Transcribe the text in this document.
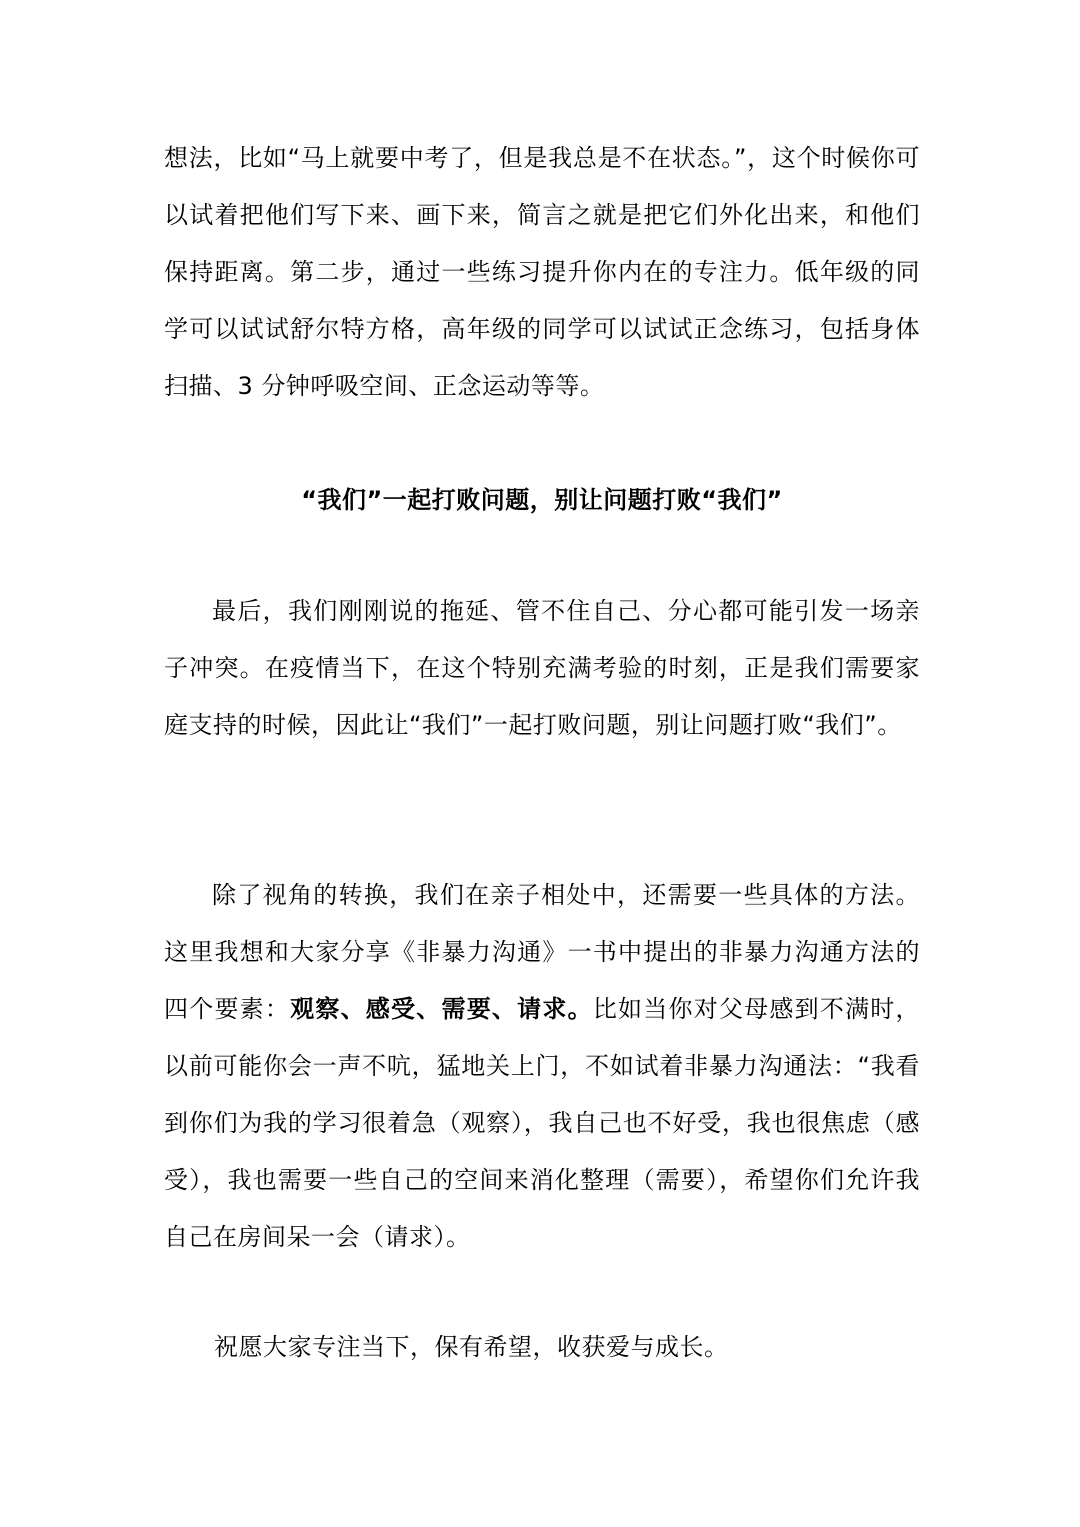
想法，比如“马上就要中考了，但是我总是不在状态。”，这个时候你可以试着把他们写下来、画下来，简言之就是把它们外化出来，和他们保持距离。第二步，通过一些练习提升你内在的专注力。低年级的同学可以试试舒尔特方格，高年级的同学可以试试正念练习，包括身体扫描、3 分钟呼吸空间、正念运动等等。

“我们”一起打败问题，别让问题打败“我们”

最后，我们刚刚说的拖延、管不住自己、分心都可能引发一场亲子冲突。在疫情当下，在这个特别充满考验的时刻，正是我们需要家庭支持的时候，因此让“我们”一起打败问题，别让问题打败“我们”。

除了视角的转换，我们在亲子相处中，还需要一些具体的方法。这里我想和大家分享《非暴力沟通》一书中提出的非暴力沟通方法的四个要素：观察、感受、需要、请求。比如当你对父母感到不满时，以前可能你会一声不吭，猛地关上门，不如试着非暴力沟通法：“我看到你们为我的学习很着急（观察），我自己也不好受，我也很焦虑（感受），我也需要一些自己的空间来消化整理（需要），希望你们允许我自己在房间呆一会（请求）。

祝愿大家专注当下，保有希望，收获爱与成长。
